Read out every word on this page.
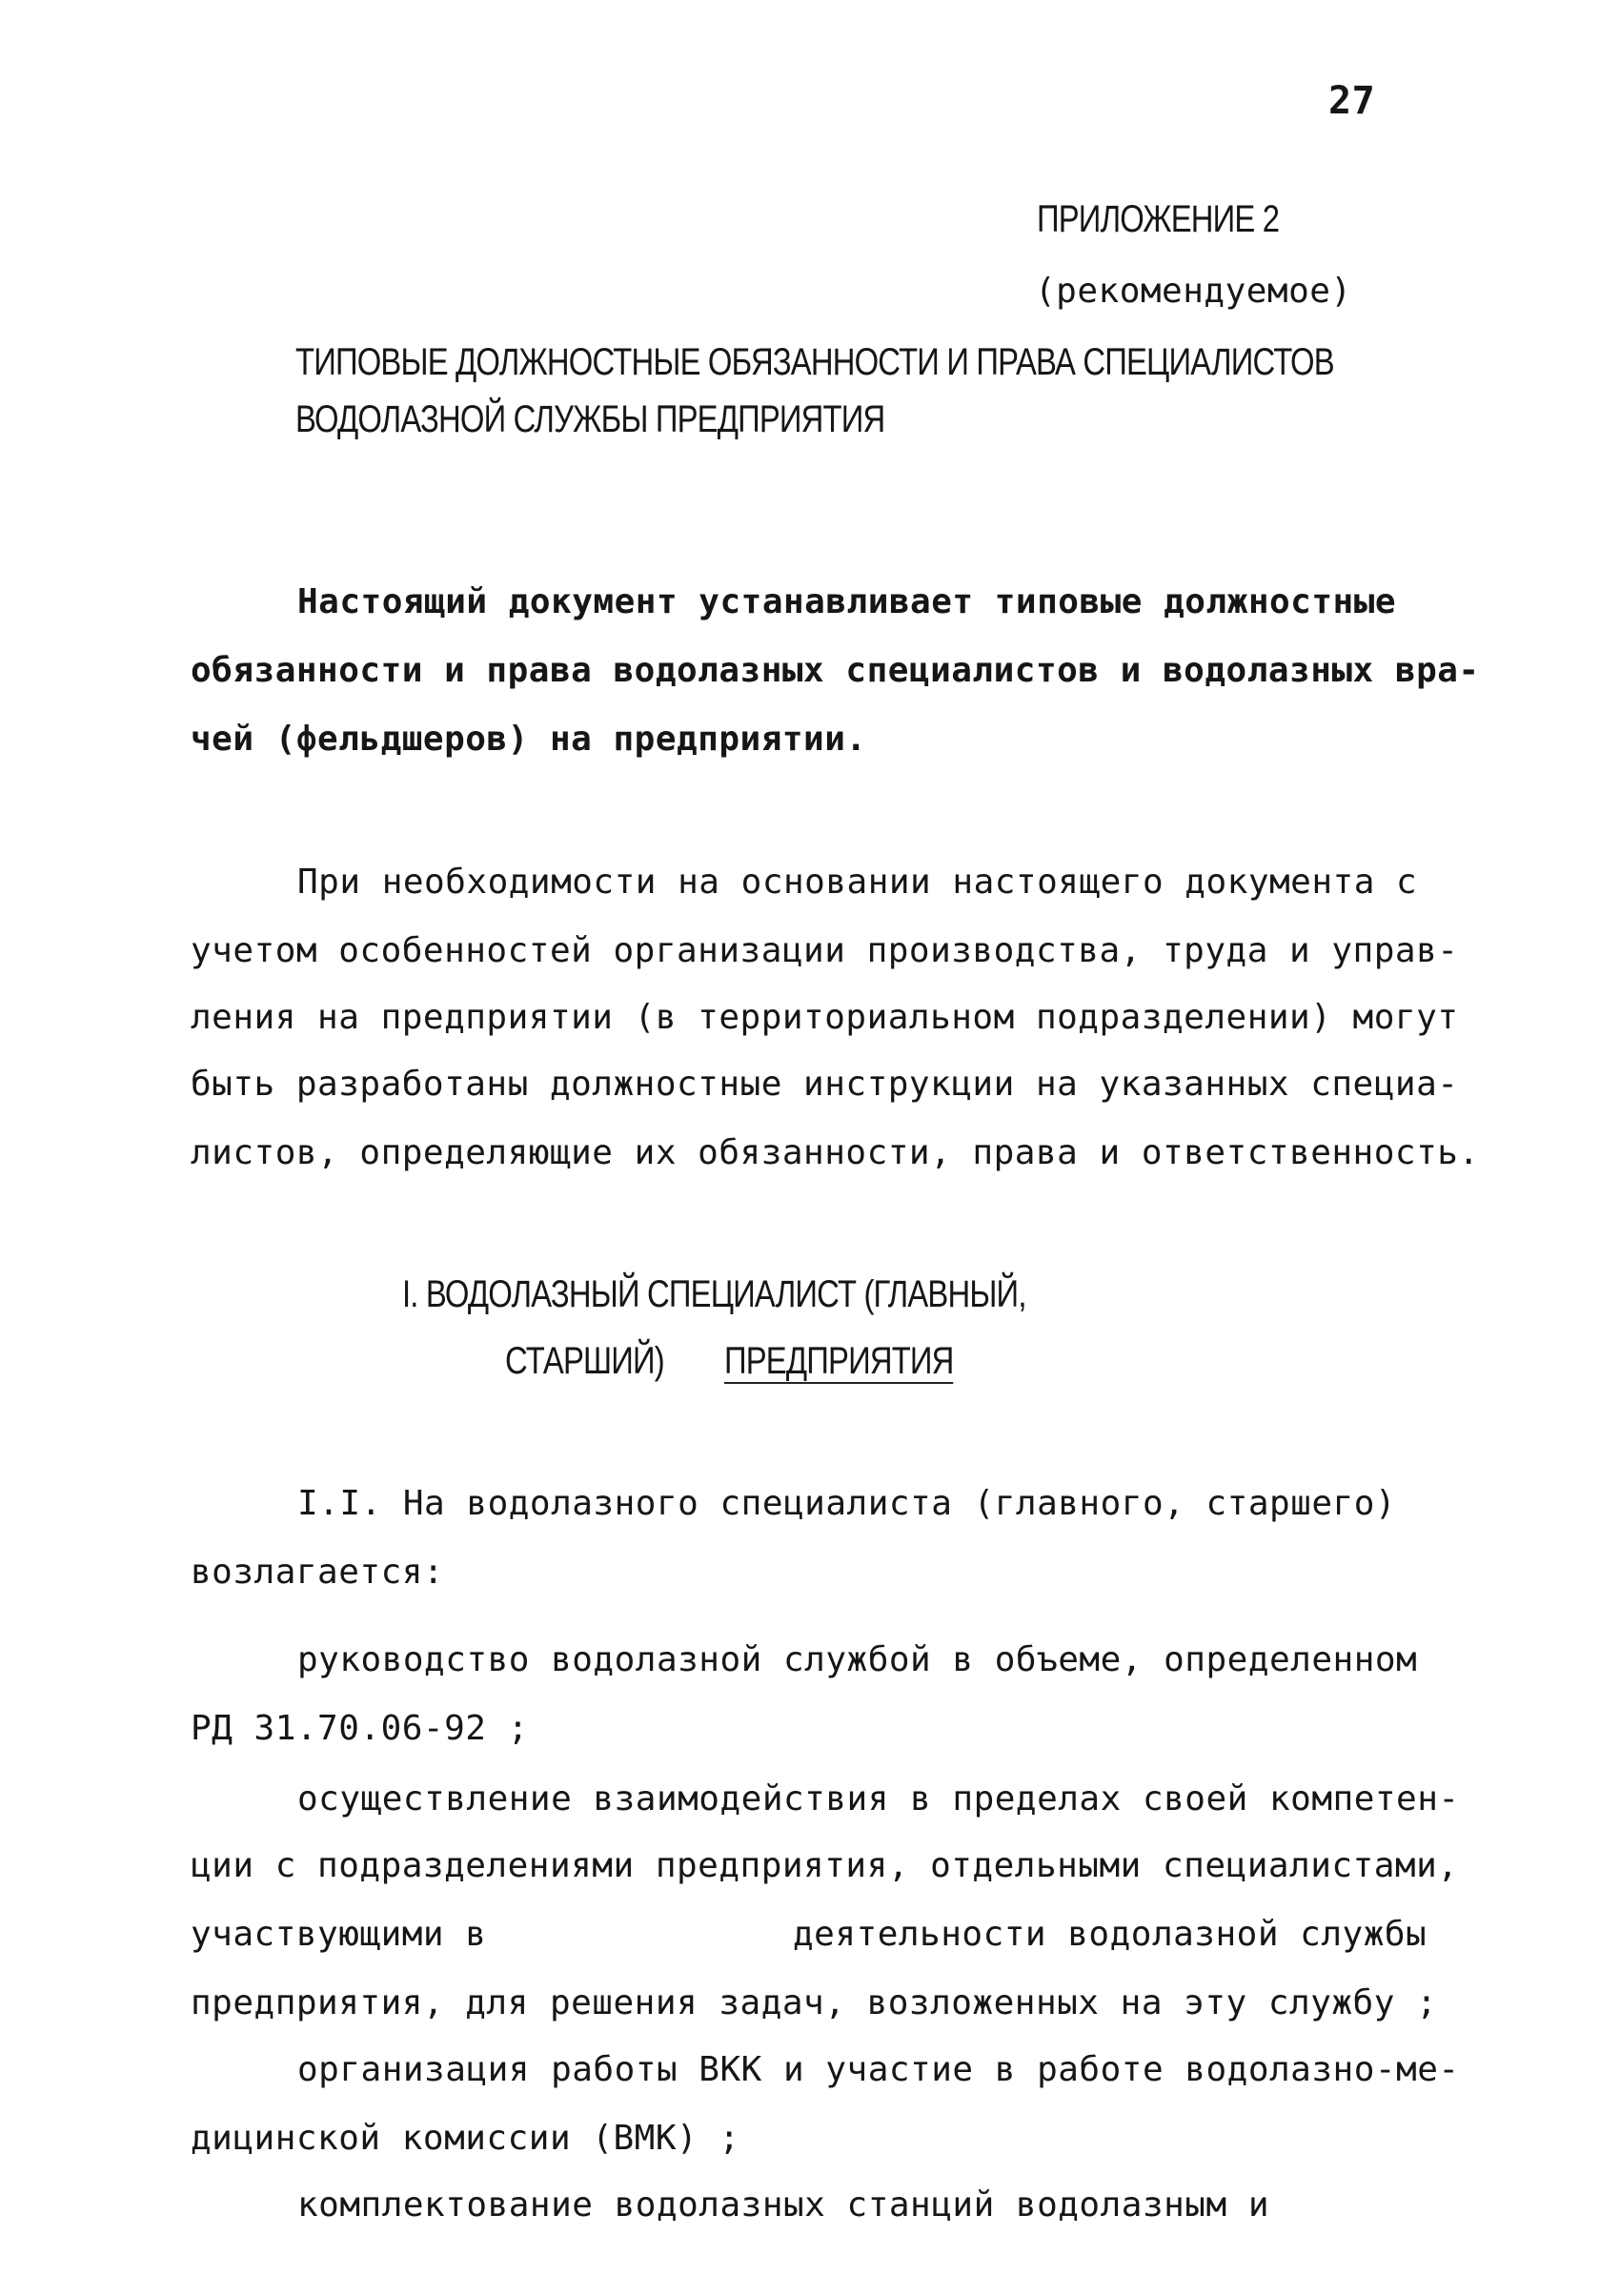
27
ПРИЛОЖЕНИЕ 2
(рекомендуемое)
ТИПОВЫЕ ДОЛЖНОСТНЫЕ ОБЯЗАННОСТИ И ПРАВА СПЕЦИАЛИСТОВ
ВОДОЛАЗНОЙ СЛУЖБЫ ПРЕДПРИЯТИЯ
Настоящий документ устанавливает типовые должностные
обязанности и права водолазных специалистов и водолазных вра-
чей (фельдшеров) на предприятии.
При необходимости на основании настоящего документа с
учетом особенностей организации производства, труда и управ-
ления на предприятии (в территориальном подразделении) могут
быть разработаны должностные инструкции на указанных специа-
листов, определяющие их обязанности, права и ответственность.
I. ВОДОЛАЗНЫЙ СПЕЦИАЛИСТ (ГЛАВНЫЙ,
СТАРШИЙ) ПРЕДПРИЯТИЯ
I.I. На водолазного специалиста (главного, старшего)
возлагается:
руководство водолазной службой в объеме, определенном
РД 31.70.06-92 ;
осуществление взаимодействия в пределах своей компетен-
ции с подразделениями предприятия, отдельными специалистами,
участвующими в	деятельности водолазной службы
предприятия, для решения задач, возложенных на эту службу ;
организация работы ВКК и участие в работе водолазно-ме-
дицинской комиссии (ВМК) ;
комплектование водолазных станций водолазным и
